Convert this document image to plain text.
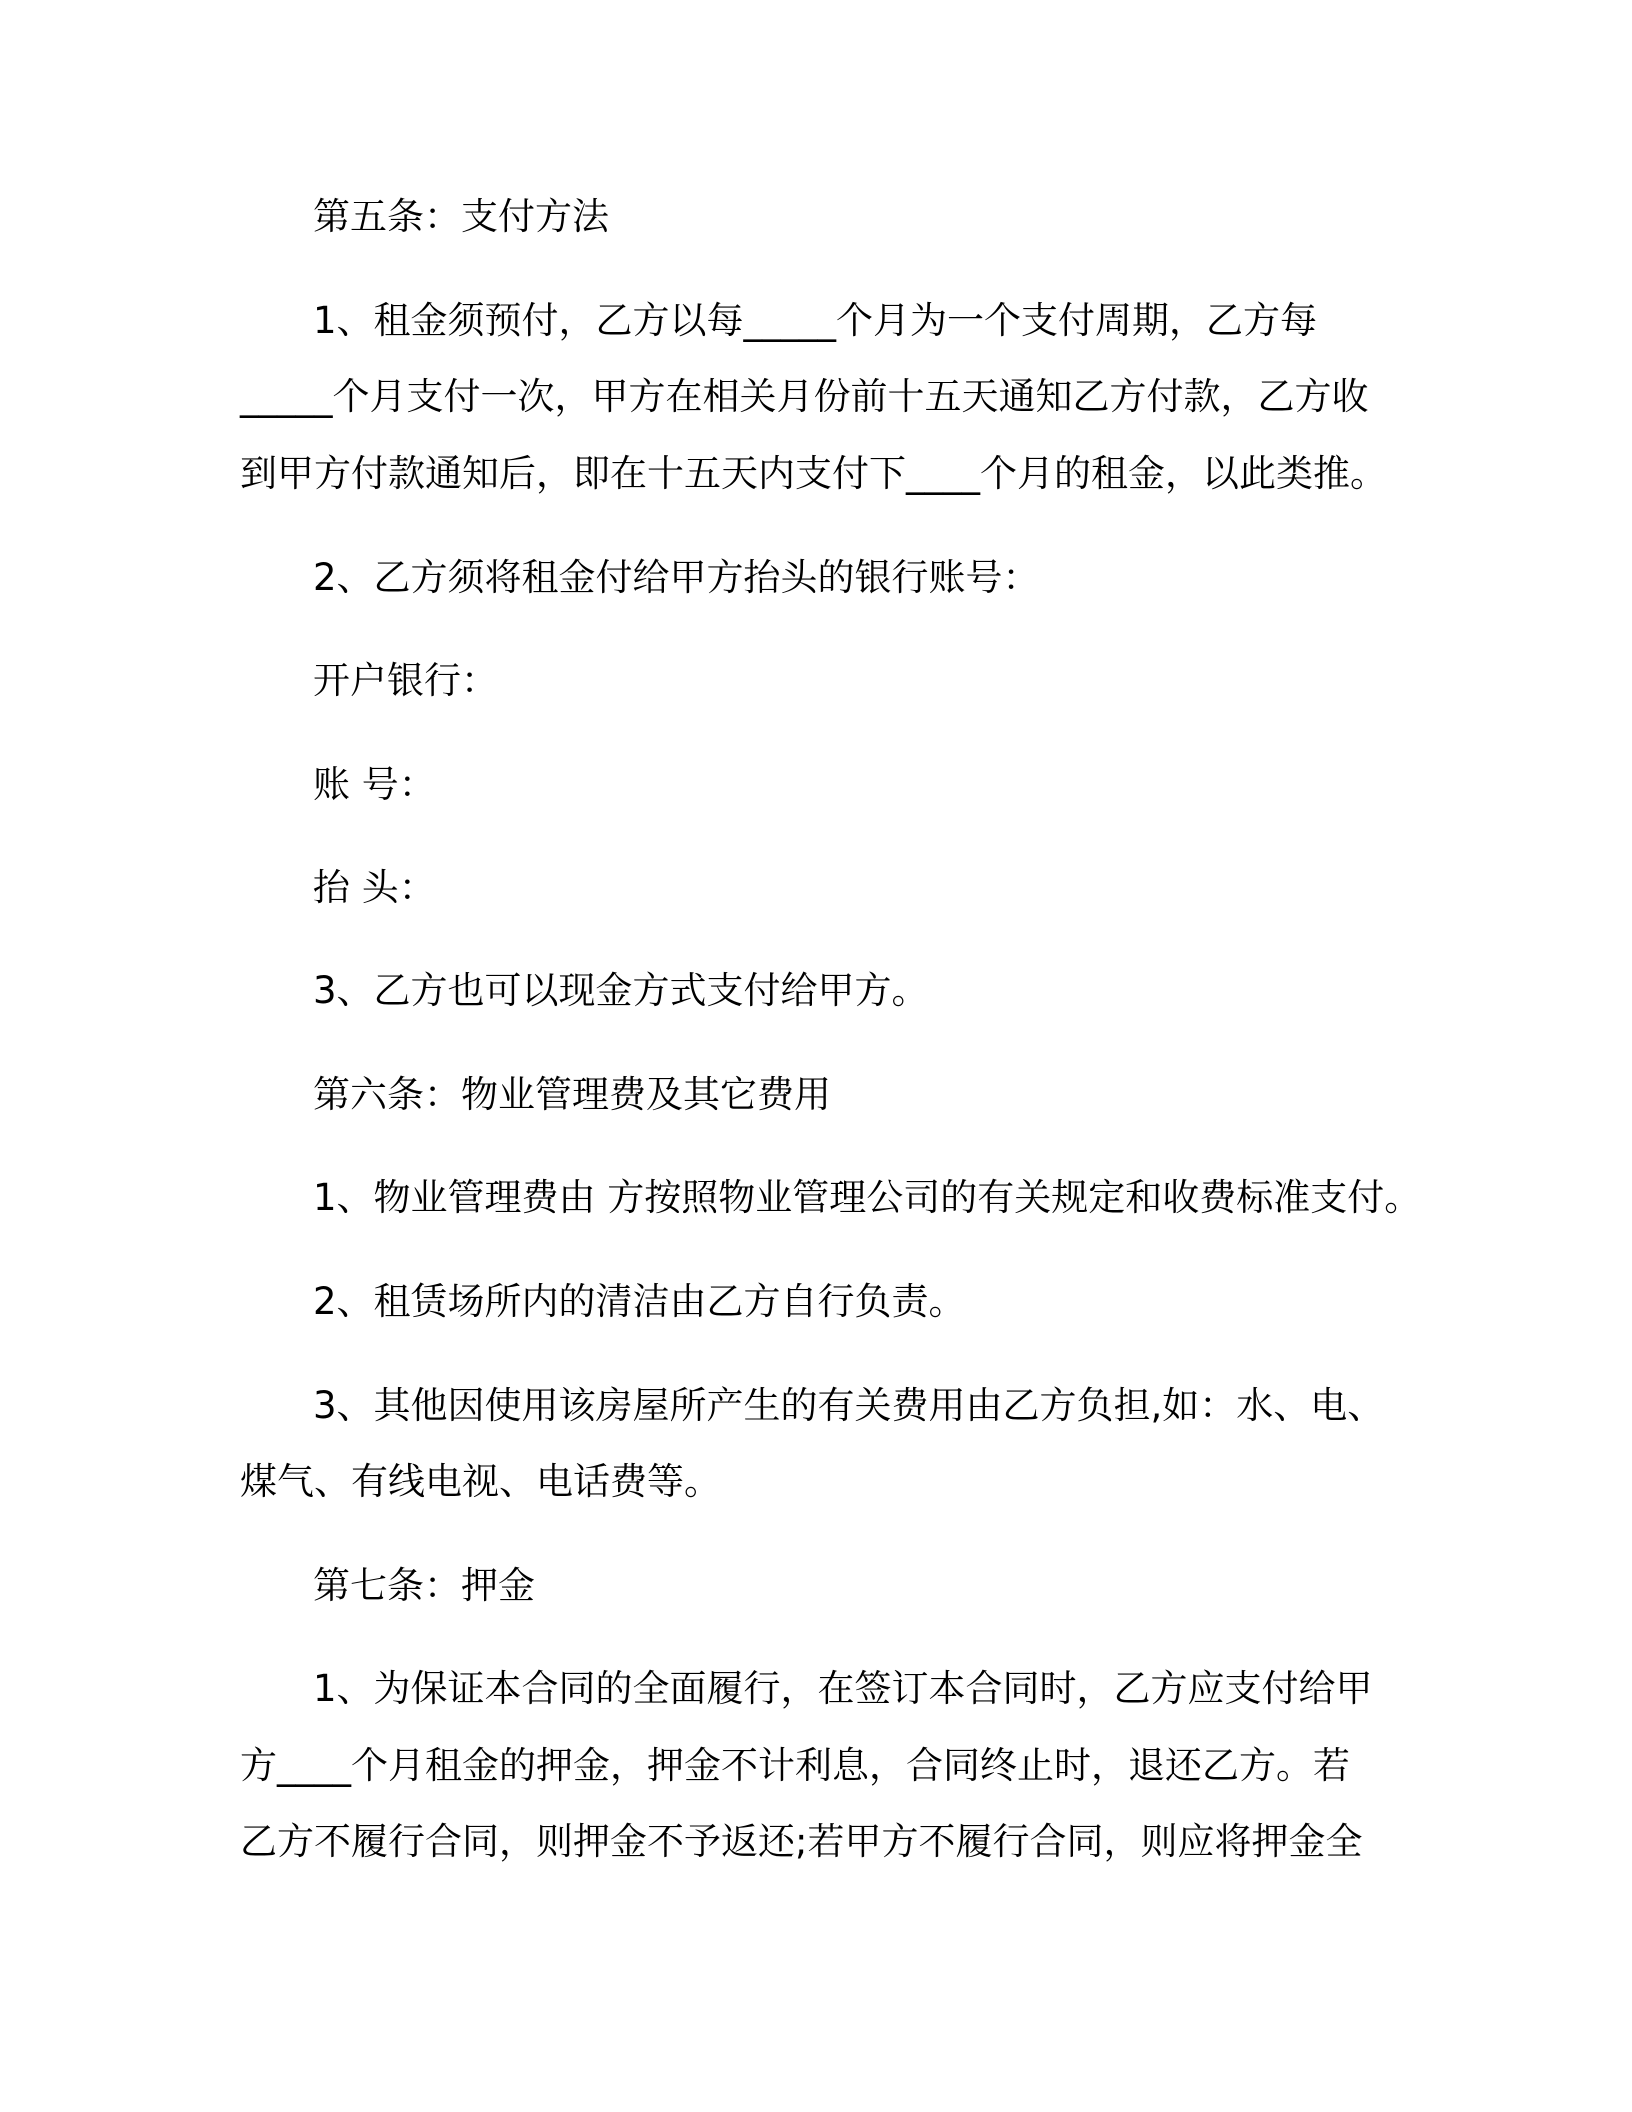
第五条：支付方法
1、租金须预付，乙方以每_____个月为一个支付周期，乙方每
_____个月支付一次，甲方在相关月份前十五天通知乙方付款，乙方收
到甲方付款通知后，即在十五天内支付下____个月的租金，以此类推。
2、乙方须将租金付给甲方抬头的银行账号：
开户银行：
账 号：
抬 头：
3、乙方也可以现金方式支付给甲方。
第六条：物业管理费及其它费用
1、物业管理费由 方按照物业管理公司的有关规定和收费标准支付。
2、租赁场所内的清洁由乙方自行负责。
3、其他因使用该房屋所产生的有关费用由乙方负担,如：水、电、
煤气、有线电视、电话费等。
第七条：押金
1、为保证本合同的全面履行，在签订本合同时，乙方应支付给甲
方____个月租金的押金，押金不计利息，合同终止时，退还乙方。若
乙方不履行合同，则押金不予返还;若甲方不履行合同，则应将押金全
